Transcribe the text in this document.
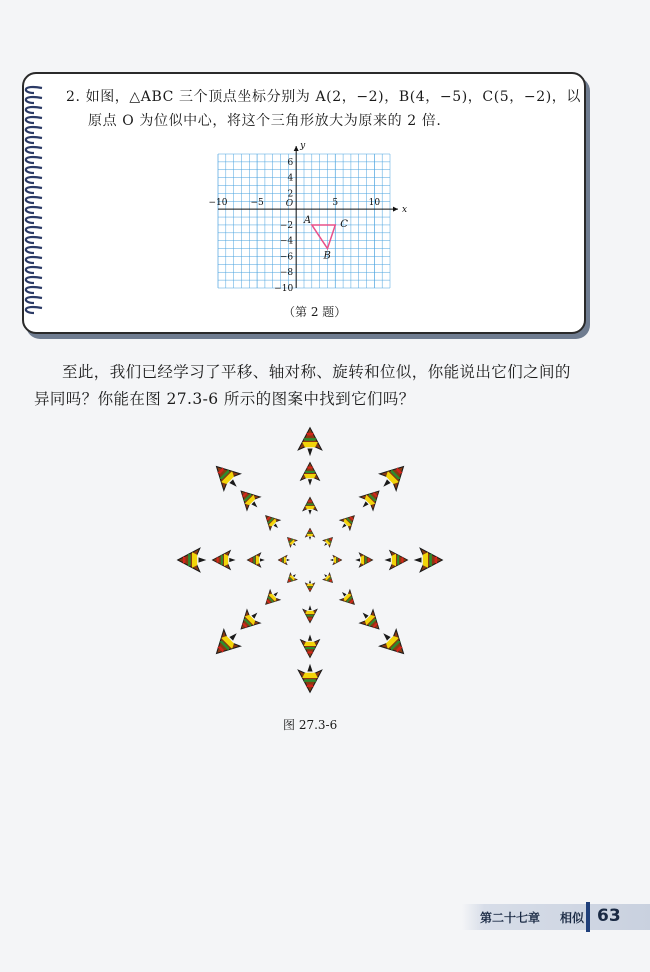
2. 如图，△ABC 三个顶点坐标分别为 A(2，−2)，B(4，−5)，C(5，−2)，以
原点 O 为位似中心，将这个三角形放大为原来的 2 倍.
−10	−5	5	10
6
4
2
−2
−4
−6
−8
−10
O
x
y
A
B
C
（第 2 题）
至此，我们已经学习了平移、轴对称、旋转和位似，你能说出它们之间的
异同吗？你能在图 27.3-6 所示的图案中找到它们吗？
图 27.3-6
第二十七章 相似 63
